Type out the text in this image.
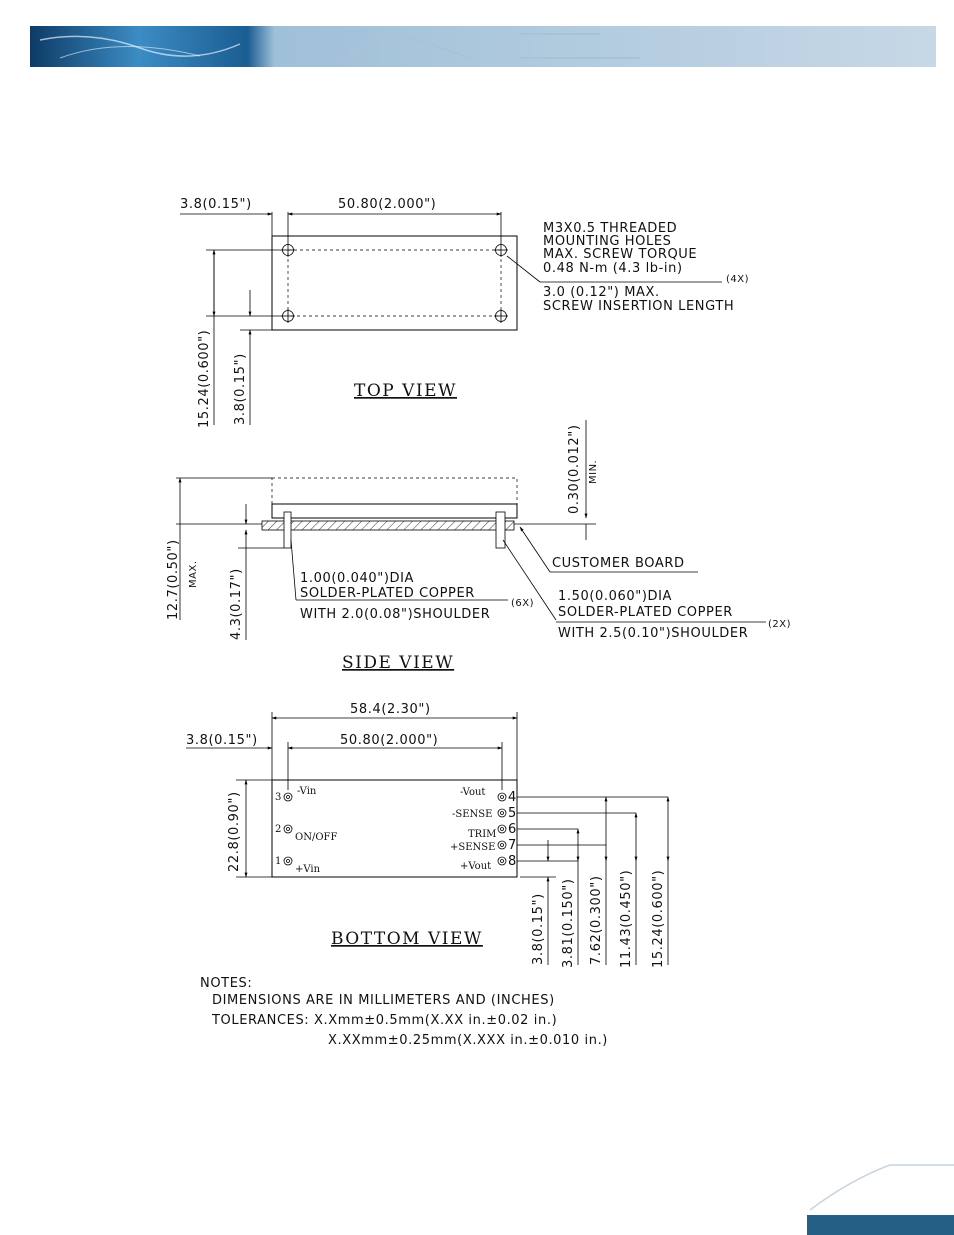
3.8(0.15")	50.80(2.000")
15.24(0.600") 3.8(0.15")
M3X0.5 THREADED
MOUNTING HOLES
MAX. SCREW TORQUE
0.48 N-m (4.3 lb-in)
(4X)
3.0 (0.12") MAX.
SCREW INSERTION LENGTH
TOP VIEW
12.7(0.50") MAX. 4.3(0.17")
0.30(0.012") MIN.
CUSTOMER BOARD
1.00(0.040")DIA
SOLDER-PLATED COPPER
WITH 2.0(0.08")SHOULDER
(6X) 1.50(0.060")DIA
SOLDER-PLATED COPPER
WITH 2.5(0.10")SHOULDER
(2X)
SIDE VIEW
58.4(2.30")
50.80(2.000")
3.8(0.15")
22.8(0.90")	3
-Vin
2
ON/OFF
1
+Vin
-Vout 4
-SENSE 5
TRIM 6
+SENSE 7
+Vout 8
3.8(0.15") 3.81(0.150") 7.62(0.300") 11.43(0.450") 15.24(0.600")
BOTTOM VIEW
NOTES:
DIMENSIONS ARE IN MILLIMETERS AND (INCHES)
TOLERANCES: X.Xmm±0.5mm(X.XX in.±0.02 in.)
X.XXmm±0.25mm(X.XXX in.±0.010 in.)
